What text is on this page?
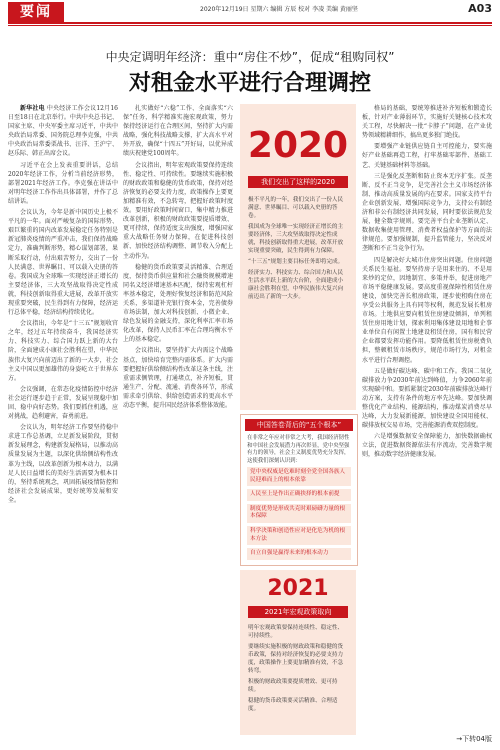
要闻	2020年12月19日 星期六 编辑 方辰 校对 李凌 美编 黄丽坚	A03
中央定调明年经济：重中“房住不炒”，促成“租购同权”
对租金水平进行合理调控

新华社电 中央经济工作会议12月16日至18日在北京举行。中共中央总书记、国家主席、中央军委主席习近平，中共中央政治局常委、国务院总理李克强，中共中央政治局常委栗战书、汪洋、王沪宁、赵乐际、韩正出席会议。

习近平在会上发表重要讲话，总结2020年经济工作，分析当前经济形势，部署2021年经济工作。李克强在讲话中对明年经济工作作出具体部署，并作了总结讲话。

会议认为，今年是新中国历史上极不平凡的一年。面对严峻复杂的国际形势、艰巨繁重的国内改革发展稳定任务特别是新冠肺炎疫情的严重冲击，我们保持战略定力，准确判断形势，精心谋划部署，果断采取行动，付出艰苦努力，交出了一份人民满意、世界瞩目、可以载入史册的答卷。我国成为全球唯一实现经济正增长的主要经济体，三大攻坚战取得决定性成就，科技创新取得重大进展，改革开放实现重要突破，民生得到有力保障，经济运行总体平稳，经济结构持续优化。

会议指出，今年是“十三五”规划收官之年，经过五年持续奋斗，我国经济实力、科技实力、综合国力跃上新的大台阶，全面建成小康社会胜利在望，中华民族伟大复兴向前迈出了新的一大步，社会主义中国以更加雄伟的身姿屹立于世界东方。

会议强调，在常态化疫情防控中经济社会运行逐步趋于正常，发展呈现稳中加固、稳中向好态势。我们要抓住机遇，应对挑战，趋利避害，奋勇前进。

会议认为，明年经济工作要坚持稳中求进工作总基调，立足新发展阶段，贯彻新发展理念，构建新发展格局，以推动高质量发展为主题，以深化供给侧结构性改革为主线，以改革创新为根本动力，以满足人民日益增长的美好生活需要为根本目的，坚持系统观念，巩固拓展疫情防控和经济社会发展成果，更好统筹发展和安全。

扎实做好“六稳”工作、全面落实“六保”任务，科学精准实施宏观政策，努力保持经济运行在合理区间，坚持扩大内需战略，强化科技战略支撑，扩大高水平对外开放，确保“十四五”开好局，以优异成绩庆祝建党100周年。

会议指出，明年宏观政策要保持连续性、稳定性、可持续性。要继续实施积极的财政政策和稳健的货币政策，保持对经济恢复的必要支持力度，政策操作上要更加精准有效，不急转弯，把握好政策时度效。要用好政策时间窗口，集中精力推进改革创新，积极的财政政策要提质增效、更可持续，保持适度支出强度，增强国家重大战略任务财力保障，在促进科技创新、加快经济结构调整、调节收入分配上主动作为。

稳健的货币政策要灵活精准、合理适度，保持货币供应量和社会融资规模增速同名义经济增速基本匹配，保持宏观杠杆率基本稳定，处理好恢复经济和防范风险关系，多渠道补充银行资本金，完善债券市场法制，加大对科技创新、小微企业、绿色发展的金融支持，深化利率汇率市场化改革，保持人民币汇率在合理均衡水平上的基本稳定。

会议指出，要坚持扩大内需这个战略基点，加快培育完整内需体系。扩大内需要把握好供给侧结构性改革这条主线，注重需求侧管理，打通堵点，补齐短板，贯通生产、分配、流通、消费各环节，形成需求牵引供给、供给创造需求的更高水平动态平衡，提升国民经济体系整体效能。

2020
我们交出了这样的2020

极不平凡的一年，我们交出了一份人民满意、世界瞩目、可以载入史册的答卷。

我国成为全球唯一实现经济正增长的主要经济体，三大攻坚战取得决定性成就，科技创新取得重大进展，改革开放实现重要突破，民生得到有力保障。

“十三五”规划主要目标任务即将完成。

经济实力、科技实力、综合国力和人民生活水平跃上新的大台阶，全面建成小康社会胜利在望，中华民族伟大复兴向前迈出了新的一大步。

中国答卷背后的“五个根本”
在非常之年应对非常之大考，我国经济韧性和中国社会发展潜力再次彰显，党中央坚强有力的领导，社会主义制度优势充分发挥，这使我们深刻认识到：
党中央权威是危难时刻全党全国各族人民迎难而上的根本依靠
人民至上是作出正确抉择的根本前提
制度优势是形成共克时艰磅礴力量的根本保障
科学决策和创造性应对是化危为机的根本方法
自立自强是赢得未来的根本动力
2021
2021年宏观政策取向

明年宏观政策要保持连续性、稳定性、可持续性。

要继续实施积极的财政政策和稳健的货币政策，保持对经济恢复的必要支持力度，政策操作上要更加精准有效，不急转弯。

积极的财政政策要提质增效、更可持续。

稳健的货币政策要灵活精准、合理适度。

格局的基础，要统筹推进补齐短板和锻造长板，针对产业薄弱环节，实施好关键核心技术攻关工程，尽快解决一批“卡脖子”问题，在产业优势领域精耕细作，搞出更多独门绝技。

要增强产业链供应链自主可控能力，要实施好产业基础再造工程，打牢基础零部件、基础工艺、关键基础材料等基础。

三是强化反垄断和防止资本无序扩张。反垄断、反不正当竞争，是完善社会主义市场经济体制、推动高质量发展的内在要求。国家支持平台企业创新发展、增强国际竞争力，支持公有制经济和非公有制经济共同发展，同时要依法规范发展，健全数字规则。要完善平台企业垄断认定、数据收集使用管理、消费者权益保护等方面的法律规范。要加强规制，提升监管能力，坚决反对垄断和不正当竞争行为。

四是解决好大城市住房突出问题。住房问题关系民生福祉。要坚持房子是用来住的、不是用来炒的定位，因地制宜、多策并举，促进房地产市场平稳健康发展。要高度重视保障性租赁住房建设，加快完善长租房政策，逐步使租购住房在享受公共服务上具有同等权利，规范发展长租房市场。土地供应要向租赁住房建设倾斜，单列租赁住房用地计划，探索利用集体建设用地和企事业单位自有闲置土地建设租赁住房，国有和民营企业都要发挥功能作用。要降低租赁住房税费负担，整顿租赁市场秩序，规范市场行为，对租金水平进行合理调控。

五是做好碳达峰、碳中和工作。我国二氧化碳排放力争2030年前达到峰值，力争2060年前实现碳中和。要抓紧制定2030年前碳排放达峰行动方案，支持有条件的地方率先达峰。要加快调整优化产业结构、能源结构，推动煤炭消费尽早达峰，大力发展新能源，加快建设全国用能权、碳排放权交易市场，完善能源消费双控制度。

六是增强数据安全保障能力，加快数据确权立法，促进数据资源依法有序流动，完善数字规则，推动数字经济健康发展。

→下转04版
